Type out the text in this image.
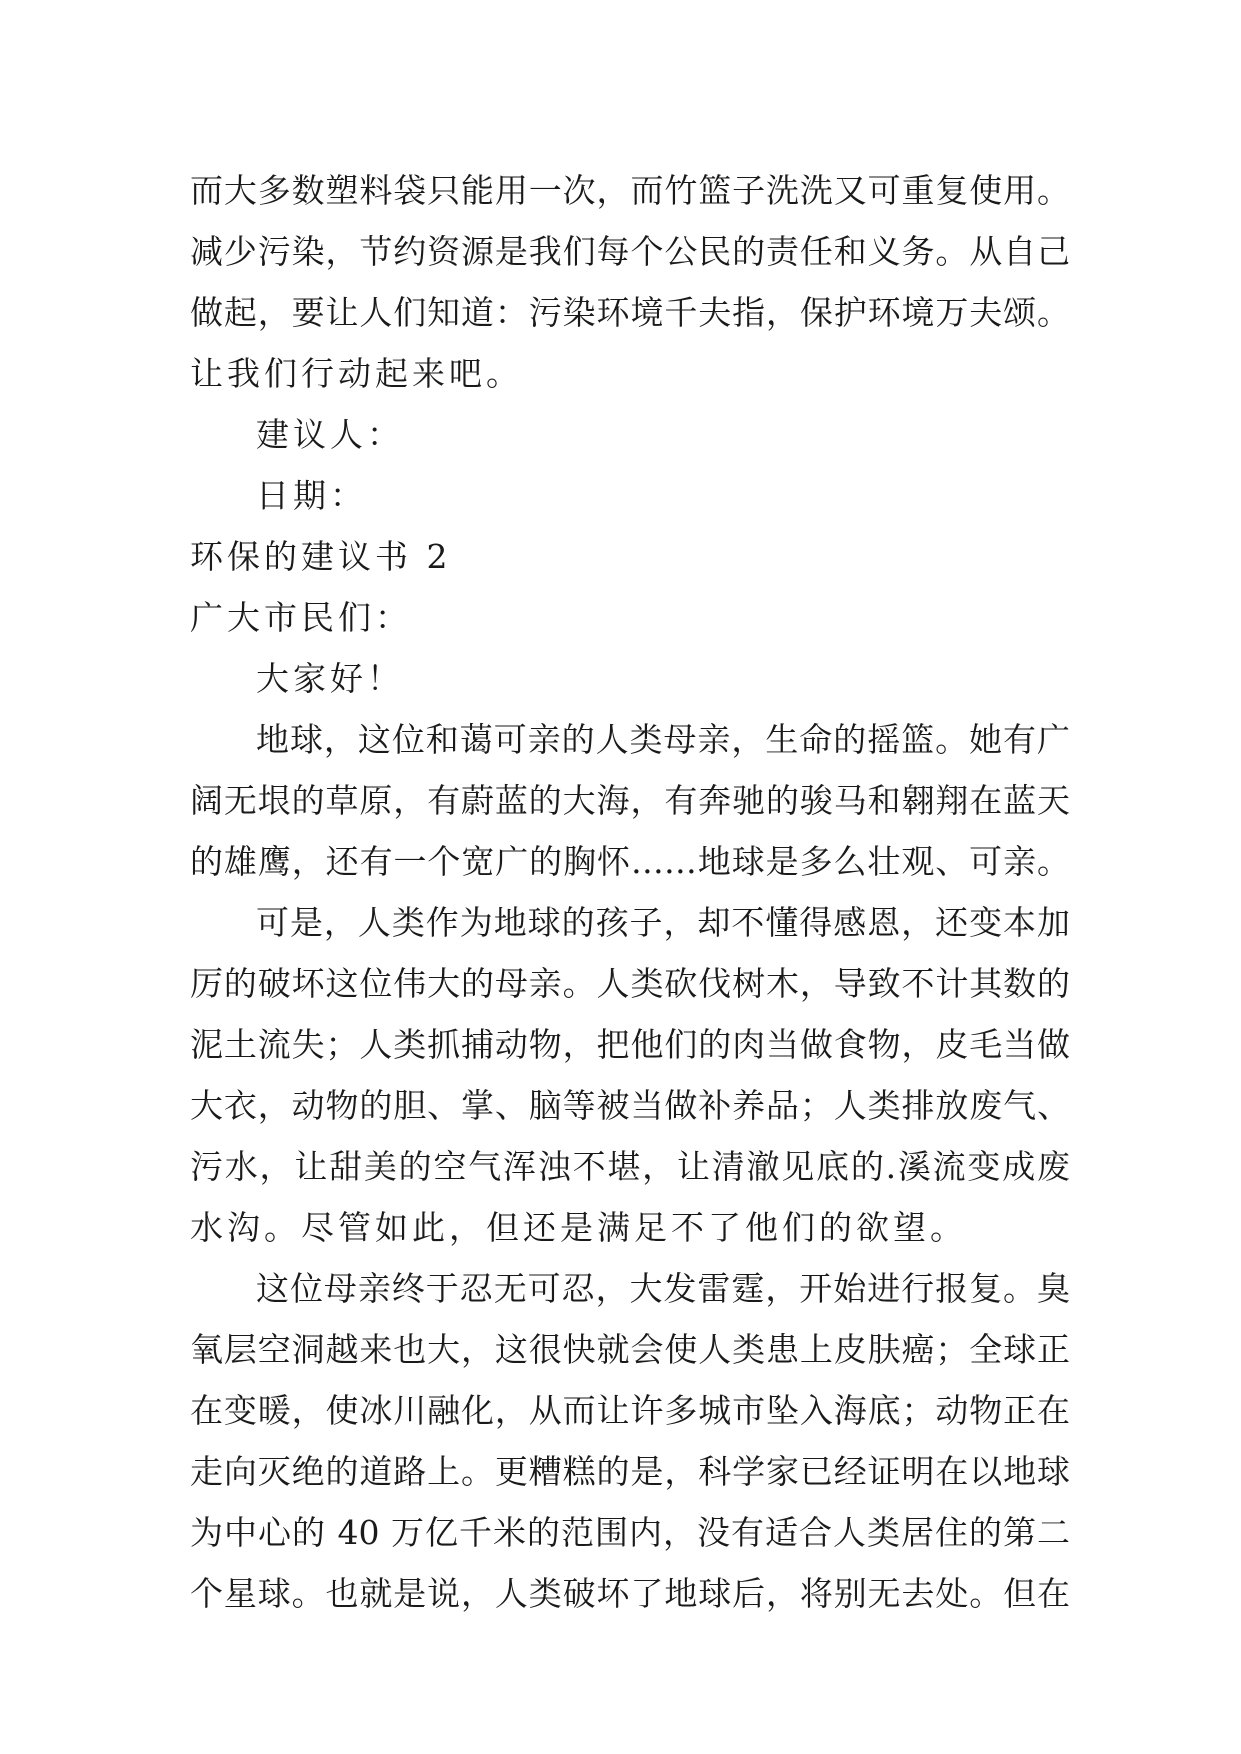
而大多数塑料袋只能用一次，而竹篮子洗洗又可重复使用。
减少污染，节约资源是我们每个公民的责任和义务。从自己
做起，要让人们知道：污染环境千夫指，保护环境万夫颂。
让我们行动起来吧。
建议人：
日期：
环保的建议书 2
广大市民们：
大家好！
地球，这位和蔼可亲的人类母亲，生命的摇篮。她有广
阔无垠的草原，有蔚蓝的大海，有奔驰的骏马和翱翔在蓝天
的雄鹰，还有一个宽广的胸怀……地球是多么壮观、可亲。
可是，人类作为地球的孩子，却不懂得感恩，还变本加
厉的破坏这位伟大的母亲。人类砍伐树木，导致不计其数的
泥土流失；人类抓捕动物，把他们的肉当做食物，皮毛当做
大衣，动物的胆、掌、脑等被当做补养品；人类排放废气、
污水，让甜美的空气浑浊不堪，让清澈见底的.溪流变成废
水沟。尽管如此，但还是满足不了他们的欲望。
这位母亲终于忍无可忍，大发雷霆，开始进行报复。臭
氧层空洞越来也大，这很快就会使人类患上皮肤癌；全球正
在变暖，使冰川融化，从而让许多城市坠入海底；动物正在
走向灭绝的道路上。更糟糕的是，科学家已经证明在以地球
为中心的 40 万亿千米的范围内，没有适合人类居住的第二
个星球。也就是说，人类破坏了地球后，将别无去处。但在
